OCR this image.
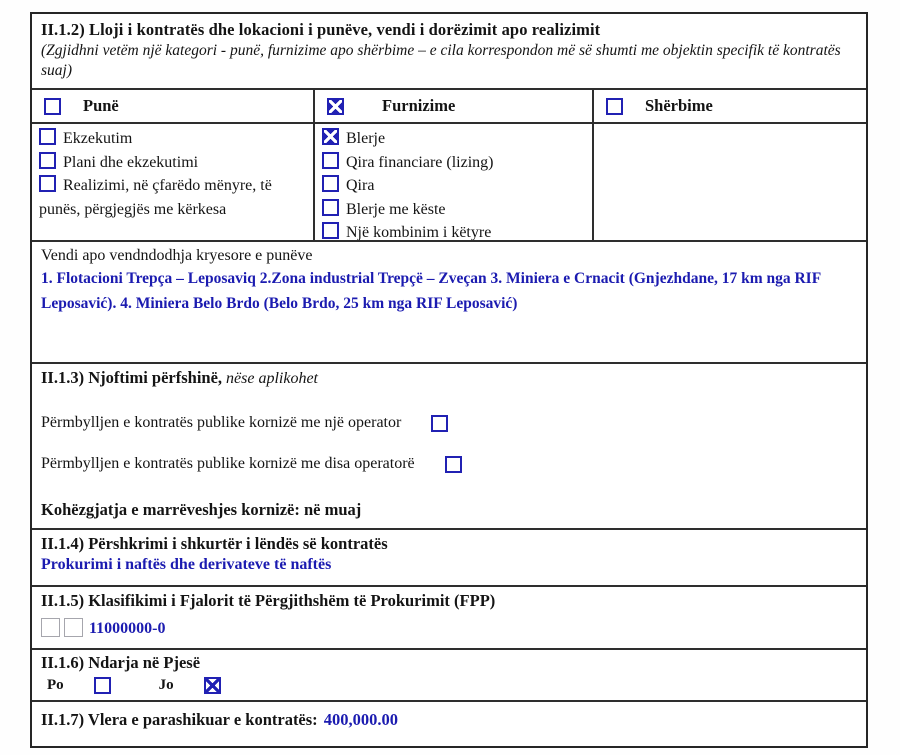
II.1.2) Lloji i kontratës dhe lokacioni i punëve, vendi i dorëzimit apo realizimit
(Zgjidhni vetëm një kategori - punë, furnizime apo shërbime – e cila korrespondon më së shumti me objektin specifik të kontratës suaj)
Punë	Furnizime	Shërbime
Ekzekutim
Plani dhe ekzekutimi
Realizimi, në çfarëdo mënyre, të punës, përgjegjës me kërkesa
Blerje
Qira financiare (lizing)
Qira
Blerje me këste
Një kombinim i këtyre
Vendi apo vendndodhja kryesore e punëve
1. Flotacioni Trepça – Leposaviq 2.Zona industrial Trepçë – Zveçan 3. Miniera e Crnacit (Gnjezhdane, 17 km nga RIF Leposavić). 4. Miniera Belo Brdo (Belo Brdo, 25 km nga RIF Leposavić)
II.1.3) Njoftimi përfshinë, nëse aplikohet
Përmbylljen e kontratës publike kornizë me një operator
Përmbylljen e kontratës publike kornizë me disa operatorë
Kohëzgjatja e marrëveshjes kornizë: në muaj
II.1.4) Përshkrimi i shkurtër i lëndës së kontratës
Prokurimi i naftës dhe derivateve të naftës
II.1.5) Klasifikimi i Fjalorit të Përgjithshëm të Prokurimit (FPP)
11000000-0
II.1.6) Ndarja në Pjesë
Po	Jo
II.1.7) Vlera e parashikuar e kontratës: 400,000.00
